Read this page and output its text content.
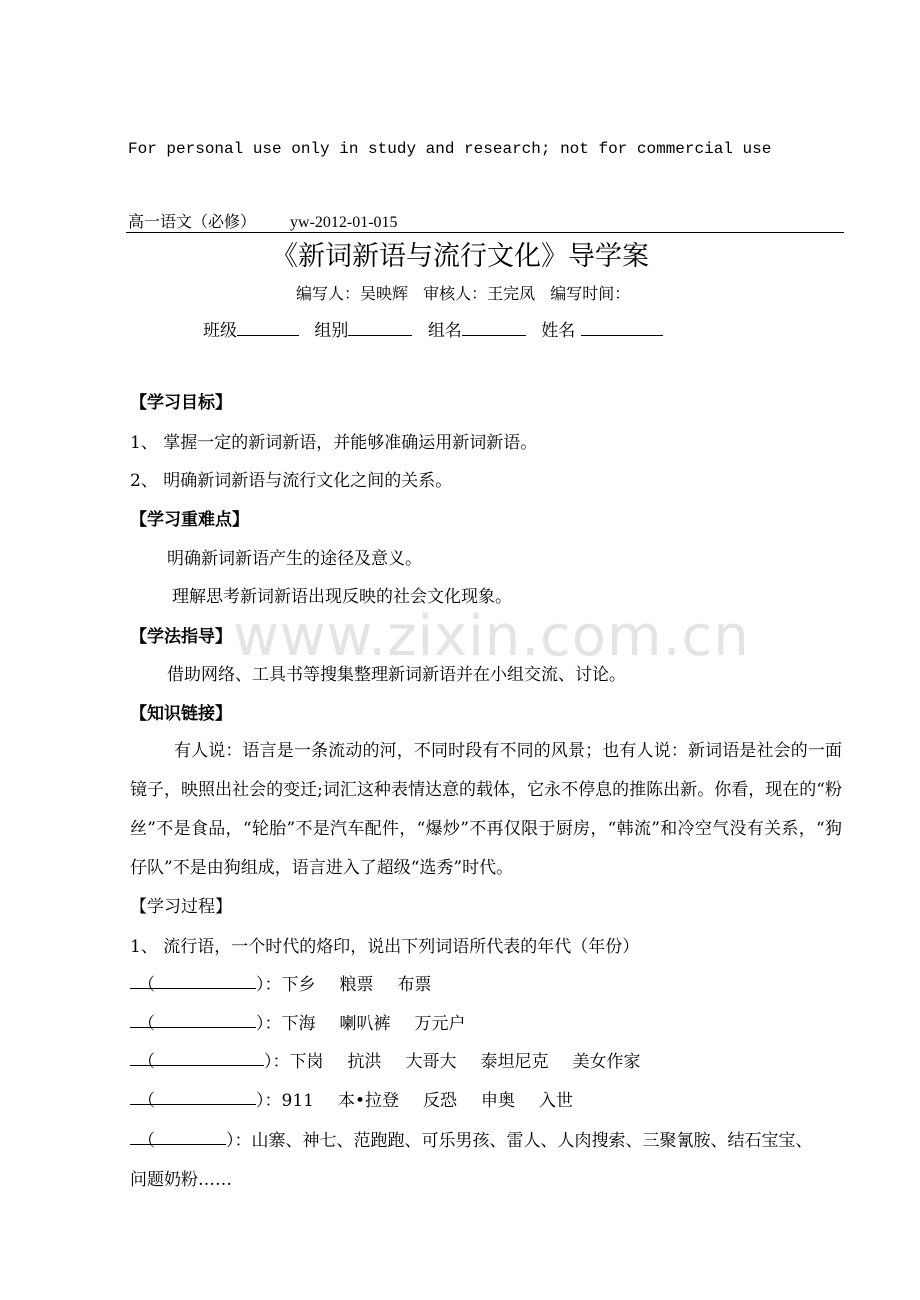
For personal use only in study and research; not for commercial use
高一语文（必修） yw-2012-01-015
《新词新语与流行文化》导学案
编写人：吴映辉 审核人：王完凤 编写时间：
班级	组别	组名	姓名
【学习目标】
1、 掌握一定的新词新语，并能够准确运用新词新语。
2、 明确新词新语与流行文化之间的关系。
【学习重难点】
明确新词新语产生的途径及意义。
理解思考新词新语出现反映的社会文化现象。
www.zixin.com.cn
【学法指导】
借助网络、工具书等搜集整理新词新语并在小组交流、讨论。
【知识链接】
有人说：语言是一条流动的河，不同时段有不同的风景；也有人说：新词语是社会的一面镜子，映照出社会的变迁;词汇这种表情达意的载体，它永不停息的推陈出新。你看，现在的“粉丝”不是食品，“轮胎”不是汽车配件，“爆炒”不再仅限于厨房，“韩流”和冷空气没有关系，“狗仔队”不是由狗组成，语言进入了超级“选秀”时代。
【学习过程】
1、 流行语，一个时代的烙印，说出下列词语所代表的年代（年份）
（	）：下乡 粮票 布票
（	）：下海 喇叭裤 万元户
（	）：下岗 抗洪 大哥大 泰坦尼克 美女作家
（	）：911 本•拉登 反恐 申奥 入世
（	）：山寨、神七、范跑跑、可乐男孩、雷人、人肉搜索、三聚氰胺、结石宝宝、
问题奶粉……
